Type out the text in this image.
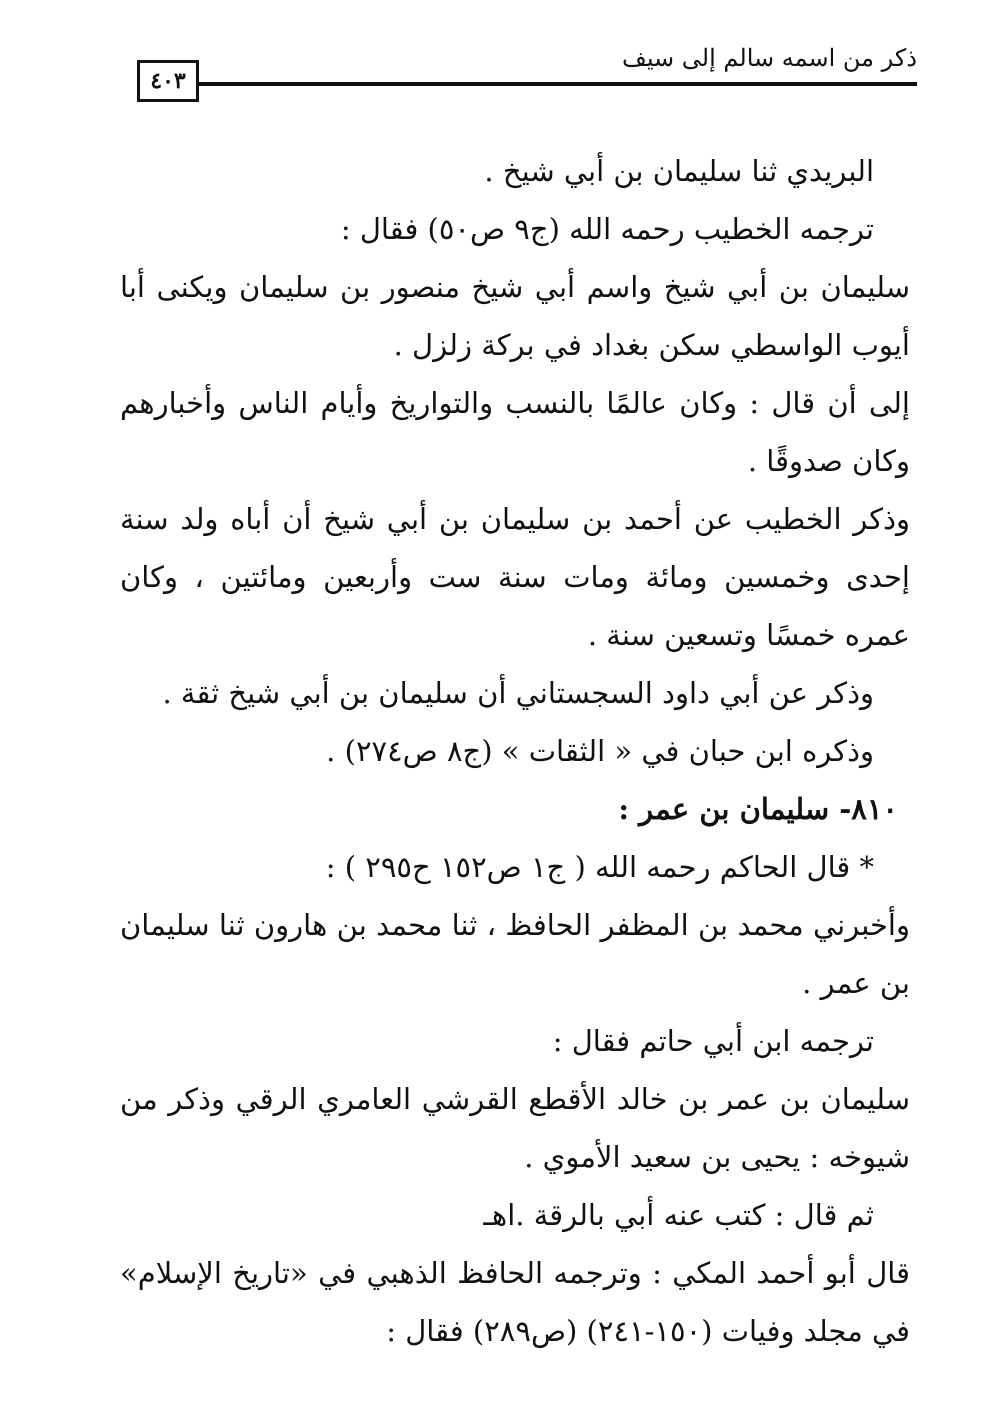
٤٠٣
ذكر من اسمه سالم إلى سيف

البريدي ثنا سليمان بن أبي شيخ .

ترجمه الخطيب رحمه الله (ج٩ ص٥٠) فقال :

سليمان بن أبي شيخ واسم أبي شيخ منصور بن سليمان ويكنى أبا أيوب الواسطي سكن بغداد في بركة زلزل .

إلى أن قال : وكان عالمًا بالنسب والتواريخ وأيام الناس وأخبارهم وكان صدوقًا .

وذكر الخطيب عن أحمد بن سليمان بن أبي شيخ أن أباه ولد سنة إحدى وخمسين ومائة ومات سنة ست وأربعين ومائتين ، وكان عمره خمسًا وتسعين سنة .

وذكر عن أبي داود السجستاني أن سليمان بن أبي شيخ ثقة .

وذكره ابن حبان في « الثقات » (ج٨ ص٢٧٤) .

٨١٠- سليمان بن عمر :

* قال الحاكم رحمه الله ( ج١ ص١٥٢ ح٢٩٥ ) :

وأخبرني محمد بن المظفر الحافظ ، ثنا محمد بن هارون ثنا سليمان بن عمر .

ترجمه ابن أبي حاتم فقال :

سليمان بن عمر بن خالد الأقطع القرشي العامري الرقي وذكر من شيوخه : يحيى بن سعيد الأموي .

ثم قال : كتب عنه أبي بالرقة .اهـ

قال أبو أحمد المكي : وترجمه الحافظ الذهبي في «تاريخ الإسلام» في مجلد وفيات (١٥٠-٢٤١) (ص٢٨٩) فقال :
